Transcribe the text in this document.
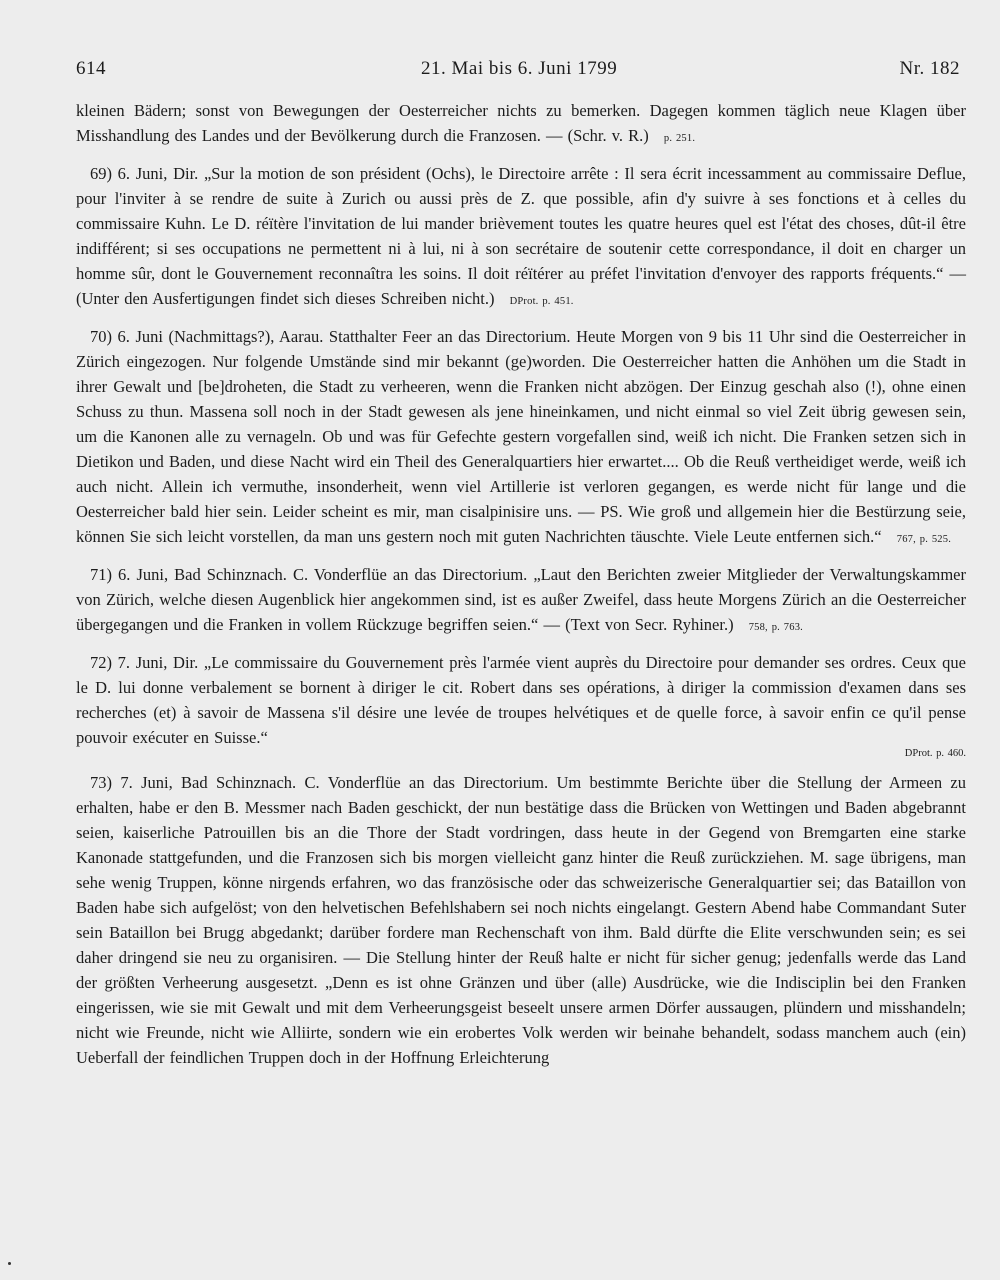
614	21. Mai bis 6. Juni 1799	Nr. 182

kleinen Bädern; sonst von Bewegungen der Oesterreicher nichts zu bemerken. Dagegen kommen täglich neue Klagen über Misshandlung des Landes und der Bevölkerung durch die Franzosen. — (Schr. v. R.) p. 251.

69) 6. Juni, Dir. „Sur la motion de son président (Ochs), le Directoire arrête : Il sera écrit incessamment au commissaire Deflue, pour l'inviter à se rendre de suite à Zurich ou aussi près de Z. que possible, afin d'y suivre à ses fonctions et à celles du commissaire Kuhn. Le D. réïtère l'invitation de lui mander brièvement toutes les quatre heures quel est l'état des choses, dût-il être indifférent; si ses occupations ne permettent ni à lui, ni à son secrétaire de soutenir cette correspondance, il doit en charger un homme sûr, dont le Gouvernement reconnaîtra les soins. Il doit réïtérer au préfet l'invitation d'envoyer des rapports fréquents.“ — (Unter den Ausfertigungen findet sich dieses Schreiben nicht.) DProt. p. 451.

70) 6. Juni (Nachmittags?), Aarau. Statthalter Feer an das Directorium. Heute Morgen von 9 bis 11 Uhr sind die Oesterreicher in Zürich eingezogen. Nur folgende Umstände sind mir bekannt (ge)worden. Die Oesterreicher hatten die Anhöhen um die Stadt in ihrer Gewalt und [be]droheten, die Stadt zu verheeren, wenn die Franken nicht abzögen. Der Einzug geschah also (!), ohne einen Schuss zu thun. Massena soll noch in der Stadt gewesen als jene hineinkamen, und nicht einmal so viel Zeit übrig gewesen sein, um die Kanonen alle zu vernageln. Ob und was für Gefechte gestern vorgefallen sind, weiß ich nicht. Die Franken setzen sich in Dietikon und Baden, und diese Nacht wird ein Theil des Generalquartiers hier erwartet.... Ob die Reuß vertheidiget werde, weiß ich auch nicht. Allein ich vermuthe, insonderheit, wenn viel Artillerie ist verloren gegangen, es werde nicht für lange und die Oesterreicher bald hier sein. Leider scheint es mir, man cisalpinisire uns. — PS. Wie groß und allgemein hier die Bestürzung seie, können Sie sich leicht vorstellen, da man uns gestern noch mit guten Nachrichten täuschte. Viele Leute entfernen sich.“ 767, p. 525.

71) 6. Juni, Bad Schinznach. C. Vonderflüe an das Directorium. „Laut den Berichten zweier Mitglieder der Verwaltungskammer von Zürich, welche diesen Augenblick hier angekommen sind, ist es außer Zweifel, dass heute Morgens Zürich an die Oesterreicher übergegangen und die Franken in vollem Rückzuge begriffen seien.“ — (Text von Secr. Ryhiner.) 758, p. 763.

72) 7. Juni, Dir. „Le commissaire du Gouvernement près l'armée vient auprès du Directoire pour demander ses ordres. Ceux que le D. lui donne verbalement se bornent à diriger le cit. Robert dans ses opérations, à diriger la commission d'examen dans ses recherches (et) à savoir de Massena s'il désire une levée de troupes helvétiques et de quelle force, à savoir enfin ce qu'il pense pouvoir exécuter en Suisse.“
DProt. p. 460.

73) 7. Juni, Bad Schinznach. C. Vonderflüe an das Directorium. Um bestimmte Berichte über die Stellung der Armeen zu erhalten, habe er den B. Messmer nach Baden geschickt, der nun bestätige dass die Brücken von Wettingen und Baden abgebrannt seien, kaiserliche Patrouillen bis an die Thore der Stadt vordringen, dass heute in der Gegend von Bremgarten eine starke Kanonade stattgefunden, und die Franzosen sich bis morgen vielleicht ganz hinter die Reuß zurückziehen. M. sage übrigens, man sehe wenig Truppen, könne nirgends erfahren, wo das französische oder das schweizerische Generalquartier sei; das Bataillon von Baden habe sich aufgelöst; von den helvetischen Befehlshabern sei noch nichts eingelangt. Gestern Abend habe Commandant Suter sein Bataillon bei Brugg abgedankt; darüber fordere man Rechenschaft von ihm. Bald dürfte die Elite verschwunden sein; es sei daher dringend sie neu zu organisiren. — Die Stellung hinter der Reuß halte er nicht für sicher genug; jedenfalls werde das Land der größten Verheerung ausgesetzt. „Denn es ist ohne Gränzen und über (alle) Ausdrücke, wie die Indisciplin bei den Franken eingerissen, wie sie mit Gewalt und mit dem Verheerungsgeist beseelt unsere armen Dörfer aussaugen, plündern und misshandeln; nicht wie Freunde, nicht wie Alliirte, sondern wie ein erobertes Volk werden wir beinahe behandelt, sodass manchem auch (ein) Ueberfall der feindlichen Truppen doch in der Hoffnung Erleichterung
